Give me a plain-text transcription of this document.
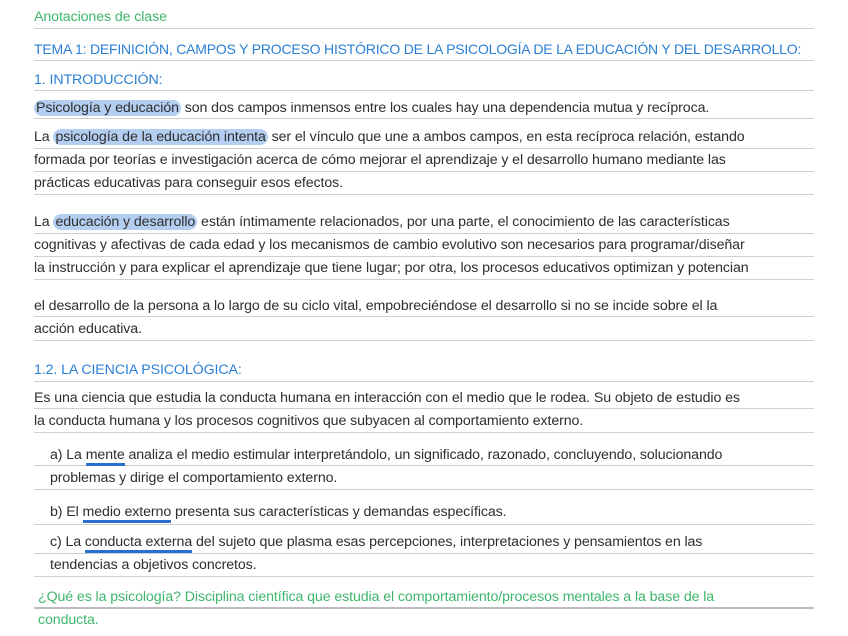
Anotaciones de clase
TEMA 1: DEFINICIÓN, CAMPOS Y PROCESO HISTÓRICO DE LA PSICOLOGÍA DE LA EDUCACIÓN Y DEL DESARROLLO:
1. INTRODUCCIÓN:
Psicología y educación son dos campos inmensos entre los cuales hay una dependencia mutua y recíproca.
La psicología de la educación intenta ser el vínculo que une a ambos campos, en esta recíproca relación, estando
formada por teorías e investigación acerca de cómo mejorar el aprendizaje y el desarrollo humano mediante las
prácticas educativas para conseguir esos efectos.
La educación y desarrollo están íntimamente relacionados, por una parte, el conocimiento de las características
cognitivas y afectivas de cada edad y los mecanismos de cambio evolutivo son necesarios para programar/diseñar
la instrucción y para explicar el aprendizaje que tiene lugar; por otra, los procesos educativos optimizan y potencian
el desarrollo de la persona a lo largo de su ciclo vital, empobreciéndose el desarrollo si no se incide sobre el la
acción educativa.
1.2. LA CIENCIA PSICOLÓGICA:
Es una ciencia que estudia la conducta humana en interacción con el medio que le rodea. Su objeto de estudio es
la conducta humana y los procesos cognitivos que subyacen al comportamiento externo.
a) La mente analiza el medio estimular interpretándolo, un significado, razonado, concluyendo, solucionando
problemas y dirige el comportamiento externo.
b) El medio externo presenta sus características y demandas específicas.
c) La conducta externa del sujeto que plasma esas percepciones, interpretaciones y pensamientos en las
tendencias a objetivos concretos.
¿Qué es la psicología? Disciplina científica que estudia el comportamiento/procesos mentales a la base de la
conducta.
